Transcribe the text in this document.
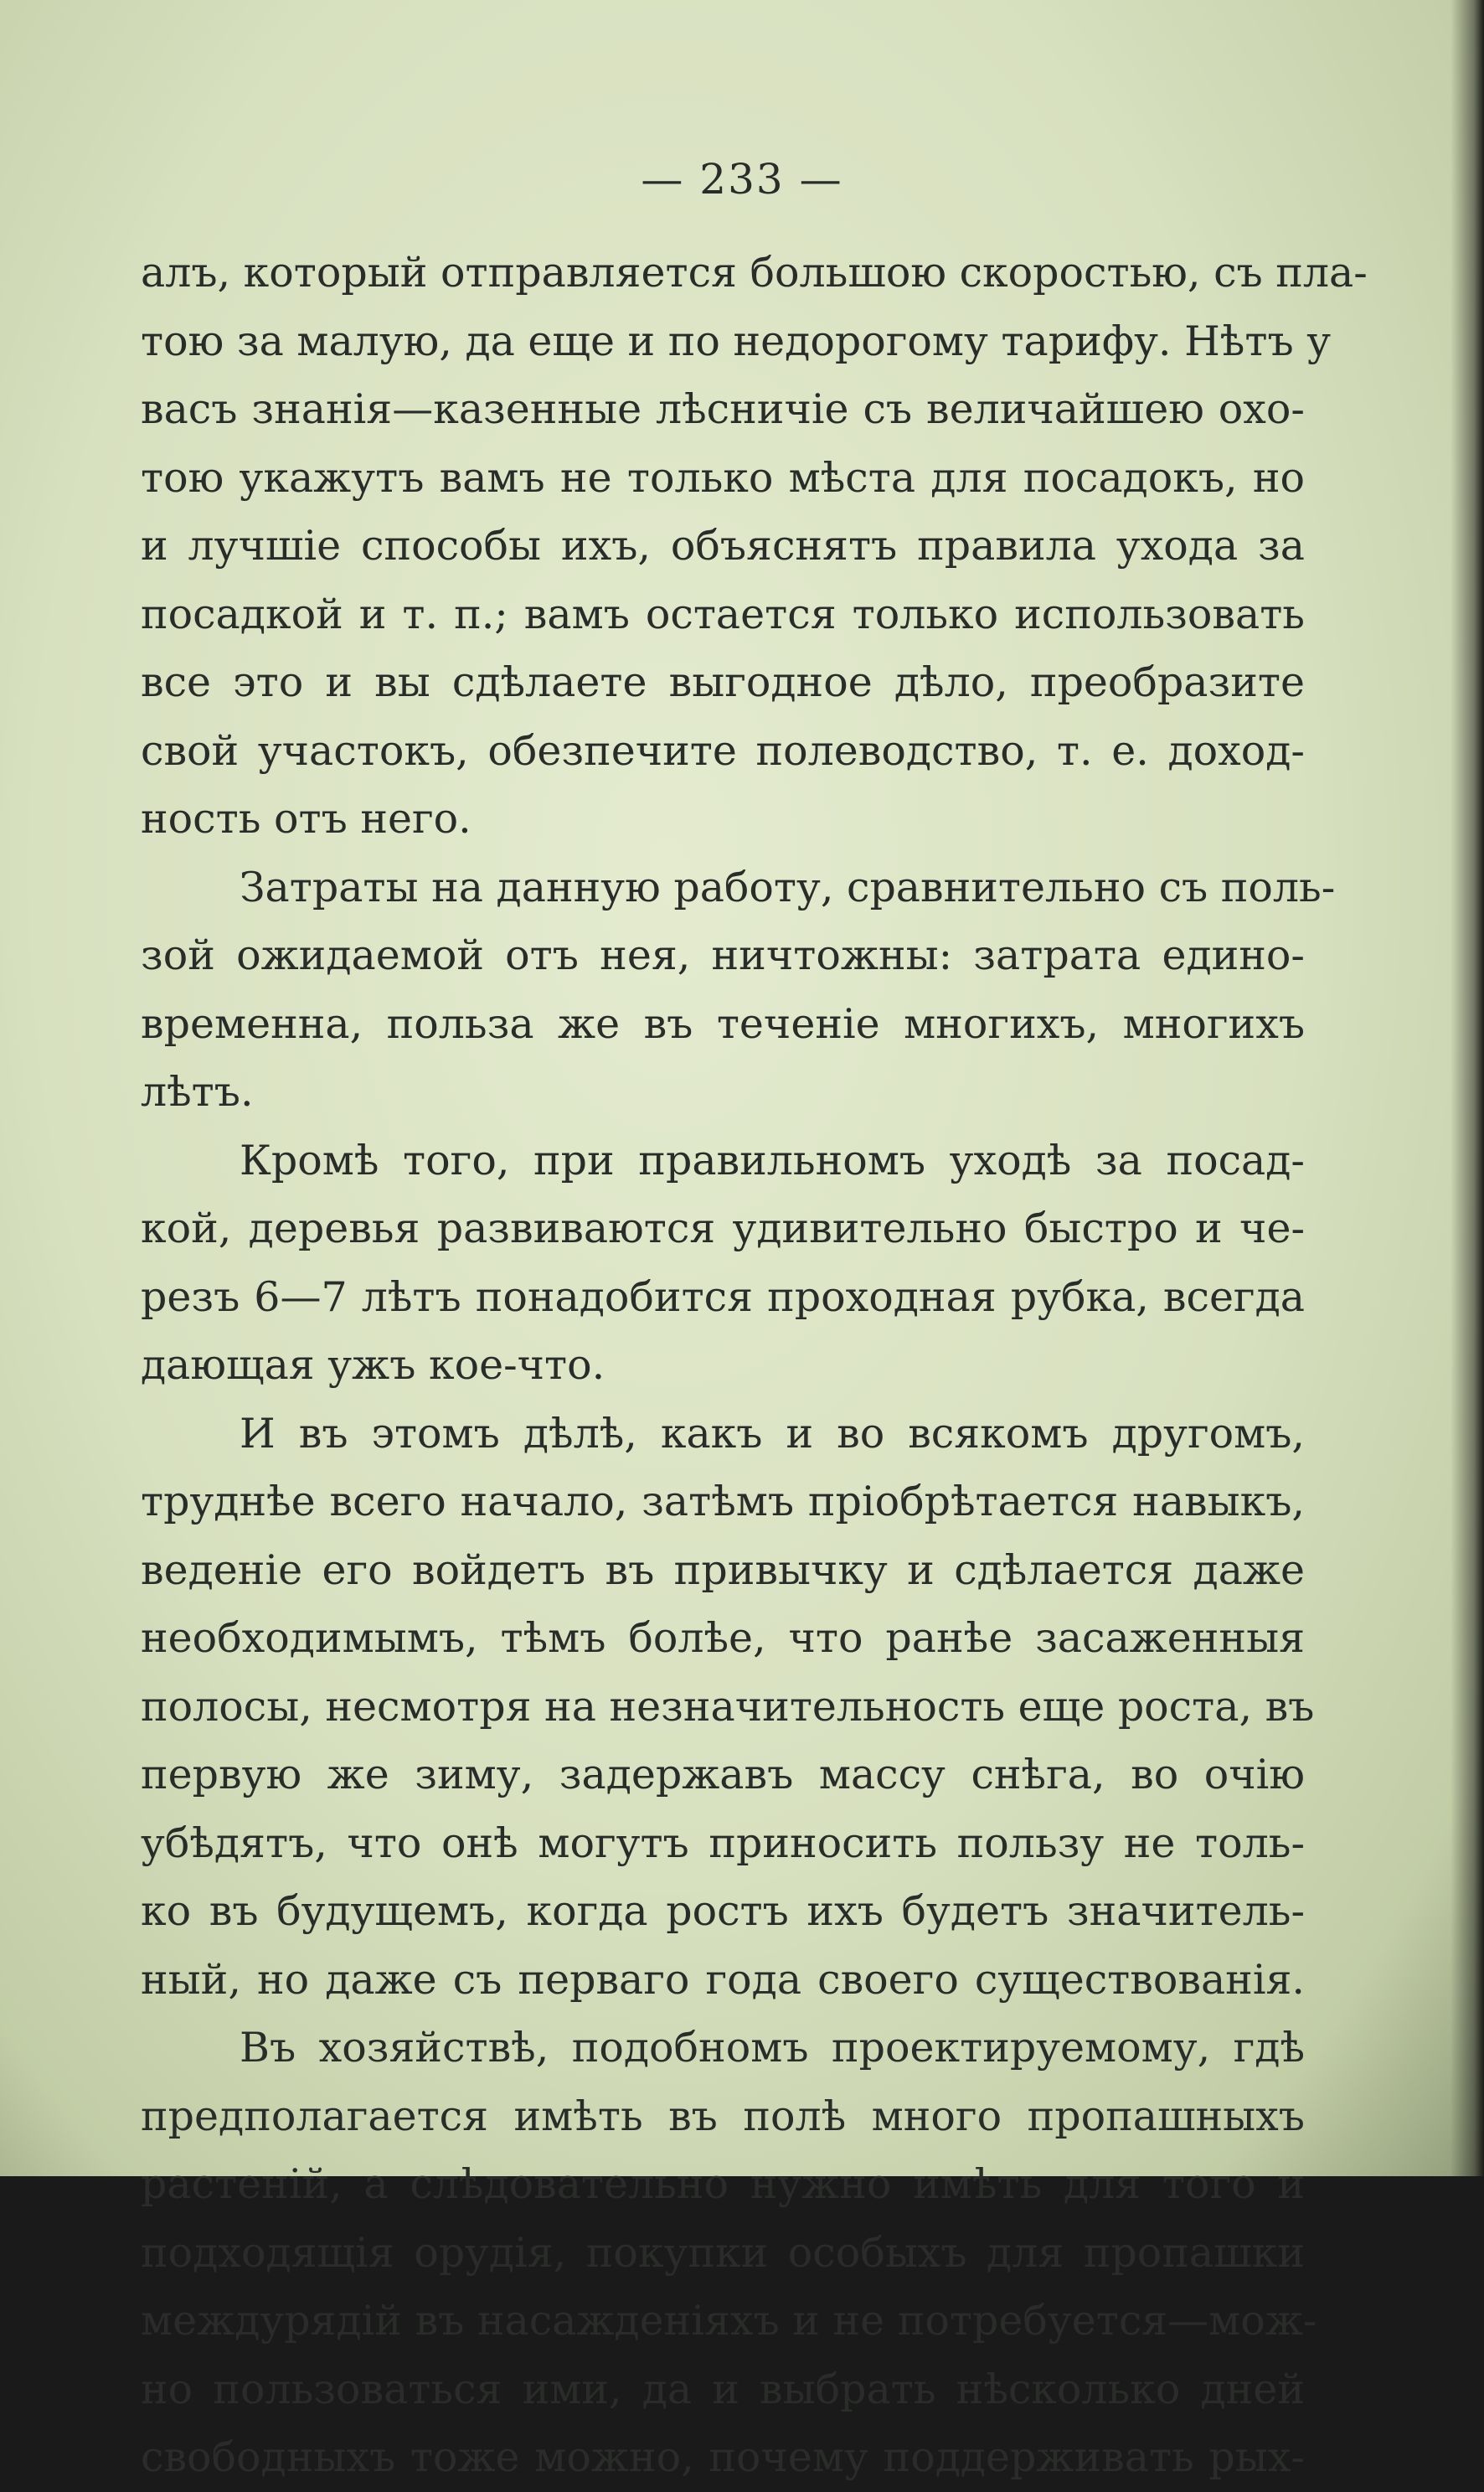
— 233 —
алъ, который отправляется большою скоростью, съ пла-
тою за малую, да еще и по недорогому тарифу. Нѣтъ у
васъ знанія—казенные лѣсничіе съ величайшею охо-
тою укажутъ вамъ не только мѣста для посадокъ, но
и лучшіе способы ихъ, объяснятъ правила ухода за
посадкой и т. п.; вамъ остается только использовать
все это и вы сдѣлаете выгодное дѣло, преобразите
свой участокъ, обезпечите полеводство, т. е. доход-
ность отъ него.
Затраты на данную работу, сравнительно съ поль-
зой ожидаемой отъ нея, ничтожны: затрата едино-
временна, польза же въ теченіе многихъ, многихъ
лѣтъ.
Кромѣ того, при правильномъ уходѣ за посад-
кой, деревья развиваются удивительно быстро и че-
резъ 6—7 лѣтъ понадобится проходная рубка, всегда
дающая ужъ кое-что.
И въ этомъ дѣлѣ, какъ и во всякомъ другомъ,
труднѣе всего начало, затѣмъ пріобрѣтается навыкъ,
веденіе его войдетъ въ привычку и сдѣлается даже
необходимымъ, тѣмъ болѣе, что ранѣе засаженныя
полосы, несмотря на незначительность еще роста, въ
первую же зиму, задержавъ массу снѣга, во очію
убѣдятъ, что онѣ могутъ приносить пользу не толь-
ко въ будущемъ, когда ростъ ихъ будетъ значитель-
ный, но даже съ перваго года своего существованія.
Въ хозяйствѣ, подобномъ проектируемому, гдѣ
предполагается имѣть въ полѣ много пропашныхъ
растеній, а слѣдовательно нужно имѣть для того и
подходящія орудія, покупки особыхъ для пропашки
междурядій въ насажденіяхъ и не потребуется—мож-
но пользоваться ими, да и выбрать нѣсколько дней
свободныхъ тоже можно, почему поддерживать рых-
